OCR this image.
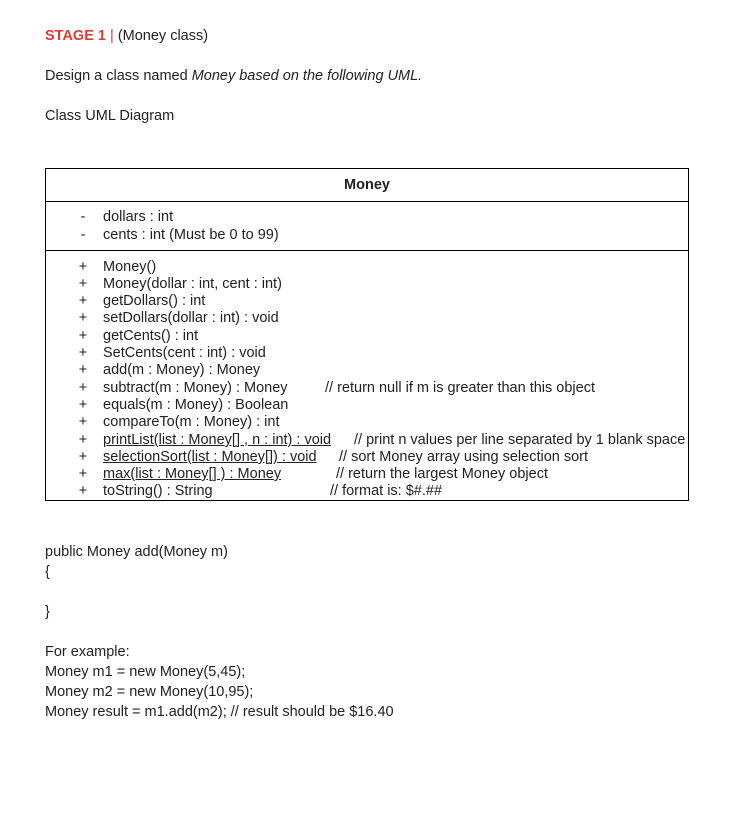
STAGE 1 | (Money class)
Design a class named Money based on the following UML.
Class UML Diagram
Money
- dollars : int
- cents : int (Must be 0 to 99)
+ Money()
+ Money(dollar : int, cent : int)
+ getDollars() : int
+ setDollars(dollar : int) : void
+ getCents() : int
+ SetCents(cent : int) : void
+ add(m : Money) : Money
+ subtract(m : Money) : Money	// return null if m is greater than this object
+ equals(m : Money) : Boolean
+ compareTo(m : Money) : int
+ printList(list : Money[] , n : int) : void // print n values per line separated by 1 blank space
+ selectionSort(list : Money[]) : void // sort Money array using selection sort
+ max(list : Money[] ) : Money	// return the largest Money object
+ toString() : String	// format is: $#.##
public Money add(Money m)
{
}
For example:
Money m1 = new Money(5,45);
Money m2 = new Money(10,95);
Money result = m1.add(m2); // result should be $16.40
